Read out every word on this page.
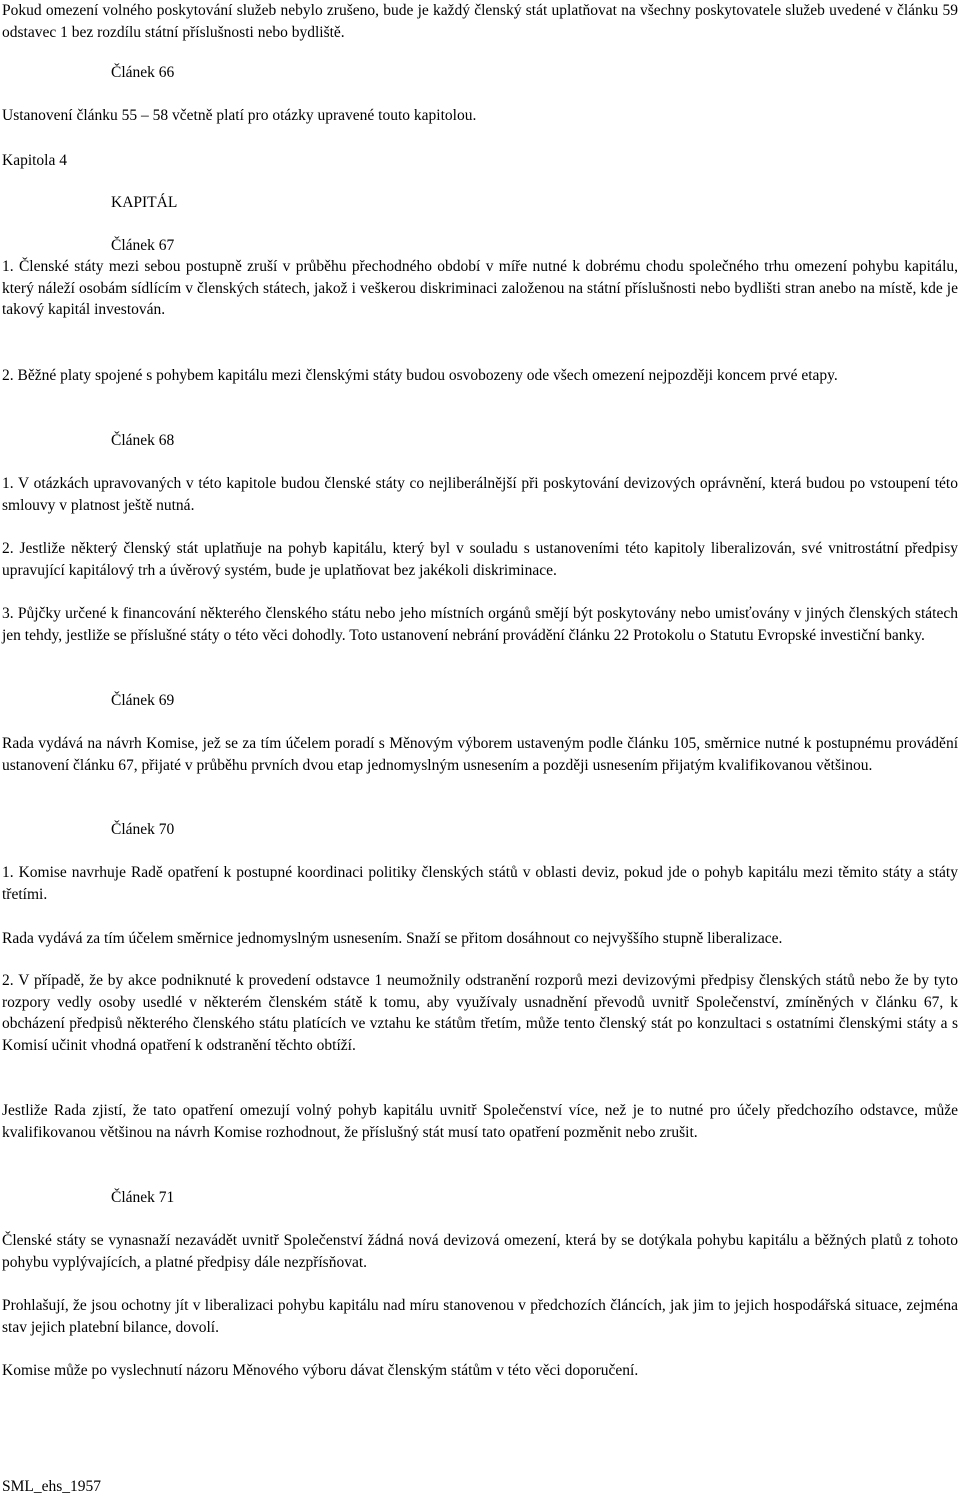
Pokud omezení volného poskytování služeb nebylo zrušeno, bude je každý členský stát uplatňovat na všechny poskytovatele služeb uvedené v článku 59 odstavec 1 bez rozdílu státní příslušnosti nebo bydliště.

Článek 66

Ustanovení článku 55 – 58 včetně platí pro otázky upravené touto kapitolou.

Kapitola 4

KAPITÁL

Článek 67

1. Členské státy mezi sebou postupně zruší v průběhu přechodného období v míře nutné k dobrému chodu společného trhu omezení pohybu kapitálu, který náleží osobám sídlícím v členských státech, jakož i veškerou diskriminaci založenou na státní příslušnosti nebo bydlišti stran anebo na místě, kde je takový kapitál investován.

2. Běžné platy spojené s pohybem kapitálu mezi členskými státy budou osvobozeny ode všech omezení nejpozději koncem prvé etapy.

Článek 68

1. V otázkách upravovaných v této kapitole budou členské státy co nejliberálnější při poskytování devizových oprávnění, která budou po vstoupení této smlouvy v platnost ještě nutná.

2. Jestliže některý členský stát uplatňuje na pohyb kapitálu, který byl v souladu s ustanoveními této kapitoly liberalizován, své vnitrostátní předpisy upravující kapitálový trh a úvěrový systém, bude je uplatňovat bez jakékoli diskriminace.

3. Půjčky určené k financování některého členského státu nebo jeho místních orgánů smějí být poskytovány nebo umisťovány v jiných členských státech jen tehdy, jestliže se příslušné státy o této věci dohodly. Toto ustanovení nebrání provádění článku 22 Protokolu o Statutu Evropské investiční banky.

Článek 69

Rada vydává na návrh Komise, jež se za tím účelem poradí s Měnovým výborem ustaveným podle článku 105, směrnice nutné k postupnému provádění ustanovení článku 67, přijaté v průběhu prvních dvou etap jednomyslným usnesením a později usnesením přijatým kvalifikovanou většinou.

Článek 70

1. Komise navrhuje Radě opatření k postupné koordinaci politiky členských států v oblasti deviz, pokud jde o pohyb kapitálu mezi těmito státy a státy třetími.

Rada vydává za tím účelem směrnice jednomyslným usnesením. Snaží se přitom dosáhnout co nejvyššího stupně liberalizace.

2. V případě, že by akce podniknuté k provedení odstavce 1 neumožnily odstranění rozporů mezi devizovými předpisy členských států nebo že by tyto rozpory vedly osoby usedlé v některém členském státě k tomu, aby využívaly usnadnění převodů uvnitř Společenství, zmíněných v článku 67, k obcházení předpisů některého členského státu platících ve vztahu ke státům třetím, může tento členský stát po konzultaci s ostatními členskými státy a s Komisí učinit vhodná opatření k odstranění těchto obtíží.

Jestliže Rada zjistí, že tato opatření omezují volný pohyb kapitálu uvnitř Společenství více, než je to nutné pro účely předchozího odstavce, může kvalifikovanou většinou na návrh Komise rozhodnout, že příslušný stát musí tato opatření pozměnit nebo zrušit.

Článek 71

Členské státy se vynasnaží nezavádět uvnitř Společenství žádná nová devizová omezení, která by se dotýkala pohybu kapitálu a běžných platů z tohoto pohybu vyplývajících, a platné předpisy dále nezpřísňovat.

Prohlašují, že jsou ochotny jít v liberalizaci pohybu kapitálu nad míru stanovenou v předchozích článcích, jak jim to jejich hospodářská situace, zejména stav jejich platební bilance, dovolí.

Komise může po vyslechnutí názoru Měnového výboru dávat členským státům v této věci doporučení.

SML_ehs_1957
